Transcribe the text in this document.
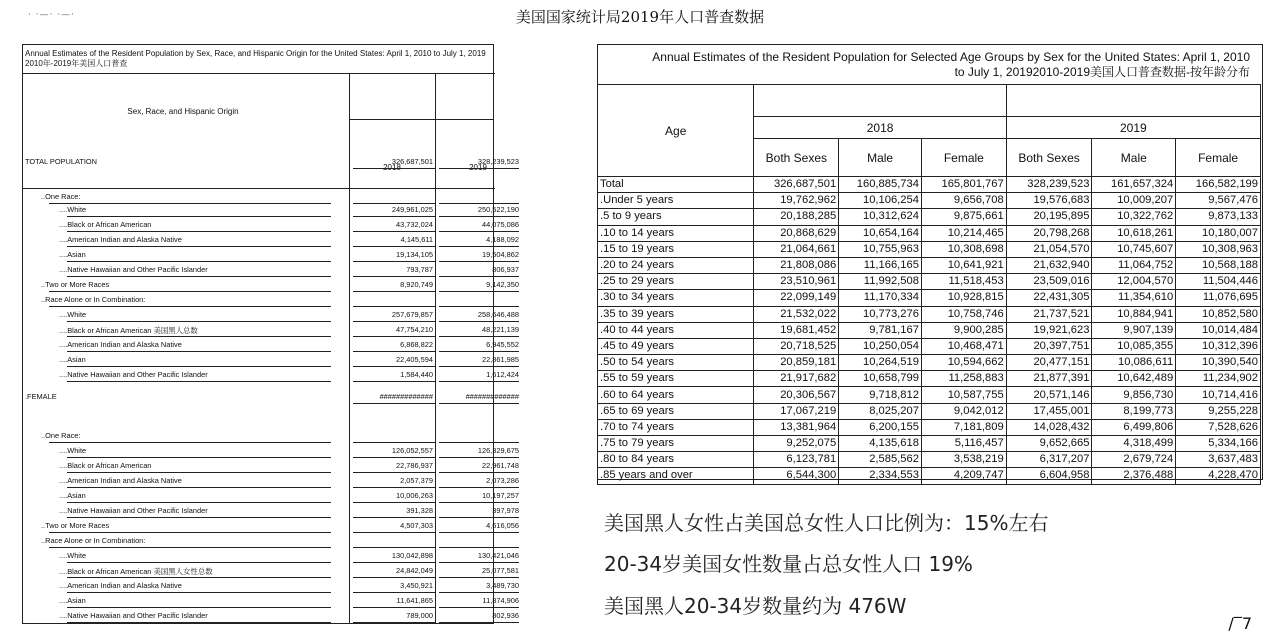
美国国家统计局2019年人口普查数据
· ·—· ·—·
Annual Estimates of the Resident Population by Sex, Race, and Hispanic Origin for the United States: April 1, 2010 to July 1, 2019 2010年-2019年美国人口普查
Sex, Race, and Hispanic Origin
2018	2019
TOTAL POPULATION	326,687,501	328,239,523
..One Race:
....White	249,961,025	250,522,190
....Black or African American	43,732,024	44,075,086
....American Indian and Alaska Native	4,145,611	4,188,092
....Asian	19,134,105	19,504,862
....Native Hawaiian and Other Pacific Islander	793,787	806,937
..Two or More Races	8,920,749	9,142,350
..Race Alone or In Combination:
....White	257,679,857	258,646,488
....Black or African American 美国黑人总数	47,754,210	48,221,139
....American Indian and Alaska Native	6,868,822	6,945,552
....Asian	22,405,594	22,861,985
....Native Hawaiian and Other Pacific Islander	1,584,440	1,612,424
.FEMALE	#############	#############
..One Race:
....White	126,052,557	126,329,675
....Black or African American	22,786,937	22,961,748
....American Indian and Alaska Native	2,057,379	2,073,286
....Asian	10,006,263	10,197,257
....Native Hawaiian and Other Pacific Islander	391,328	397,978
..Two or More Races	4,507,303	4,616,056
..Race Alone or In Combination:
....White	130,042,898	130,421,046
....Black or African American 美国黑人女性总数	24,842,049	25,077,581
....American Indian and Alaska Native	3,450,921	3,489,730
....Asian	11,641,865	11,874,906
....Native Hawaiian and Other Pacific Islander	789,000	802,936
Annual Estimates of the Resident Population for Selected Age Groups by Sex for the United States: April 1, 2010
to July 1, 20192010-2019美国人口普查数据-按年龄分布
Age						
	2018			2019		
	Both Sexes	Male	Female	Both Sexes	Male	Female
Total	326,687,501	160,885,734	165,801,767	328,239,523	161,657,324	166,582,199
.Under 5 years	19,762,962	10,106,254	9,656,708	19,576,683	10,009,207	9,567,476
.5 to 9 years	20,188,285	10,312,624	9,875,661	20,195,895	10,322,762	9,873,133
.10 to 14 years	20,868,629	10,654,164	10,214,465	20,798,268	10,618,261	10,180,007
.15 to 19 years	21,064,661	10,755,963	10,308,698	21,054,570	10,745,607	10,308,963
.20 to 24 years	21,808,086	11,166,165	10,641,921	21,632,940	11,064,752	10,568,188
.25 to 29 years	23,510,961	11,992,508	11,518,453	23,509,016	12,004,570	11,504,446
.30 to 34 years	22,099,149	11,170,334	10,928,815	22,431,305	11,354,610	11,076,695
.35 to 39 years	21,532,022	10,773,276	10,758,746	21,737,521	10,884,941	10,852,580
.40 to 44 years	19,681,452	9,781,167	9,900,285	19,921,623	9,907,139	10,014,484
.45 to 49 years	20,718,525	10,250,054	10,468,471	20,397,751	10,085,355	10,312,396
.50 to 54 years	20,859,181	10,264,519	10,594,662	20,477,151	10,086,611	10,390,540
.55 to 59 years	21,917,682	10,658,799	11,258,883	21,877,391	10,642,489	11,234,902
.60 to 64 years	20,306,567	9,718,812	10,587,755	20,571,146	9,856,730	10,714,416
.65 to 69 years	17,067,219	8,025,207	9,042,012	17,455,001	8,199,773	9,255,228
.70 to 74 years	13,381,964	6,200,155	7,181,809	14,028,432	6,499,806	7,528,626
.75 to 79 years	9,252,075	4,135,618	5,116,457	9,652,665	4,318,499	5,334,166
.80 to 84 years	6,123,781	2,585,562	3,538,219	6,317,207	2,679,724	3,637,483
.85 years and over	6,544,300	2,334,553	4,209,747	6,604,958	2,376,488	4,228,470
美国黑人女性占美国总女性人口比例为：15%左右
20-34岁美国女性数量占总女性人口 19%
美国黑人20-34岁数量约为 476W
/‾7
